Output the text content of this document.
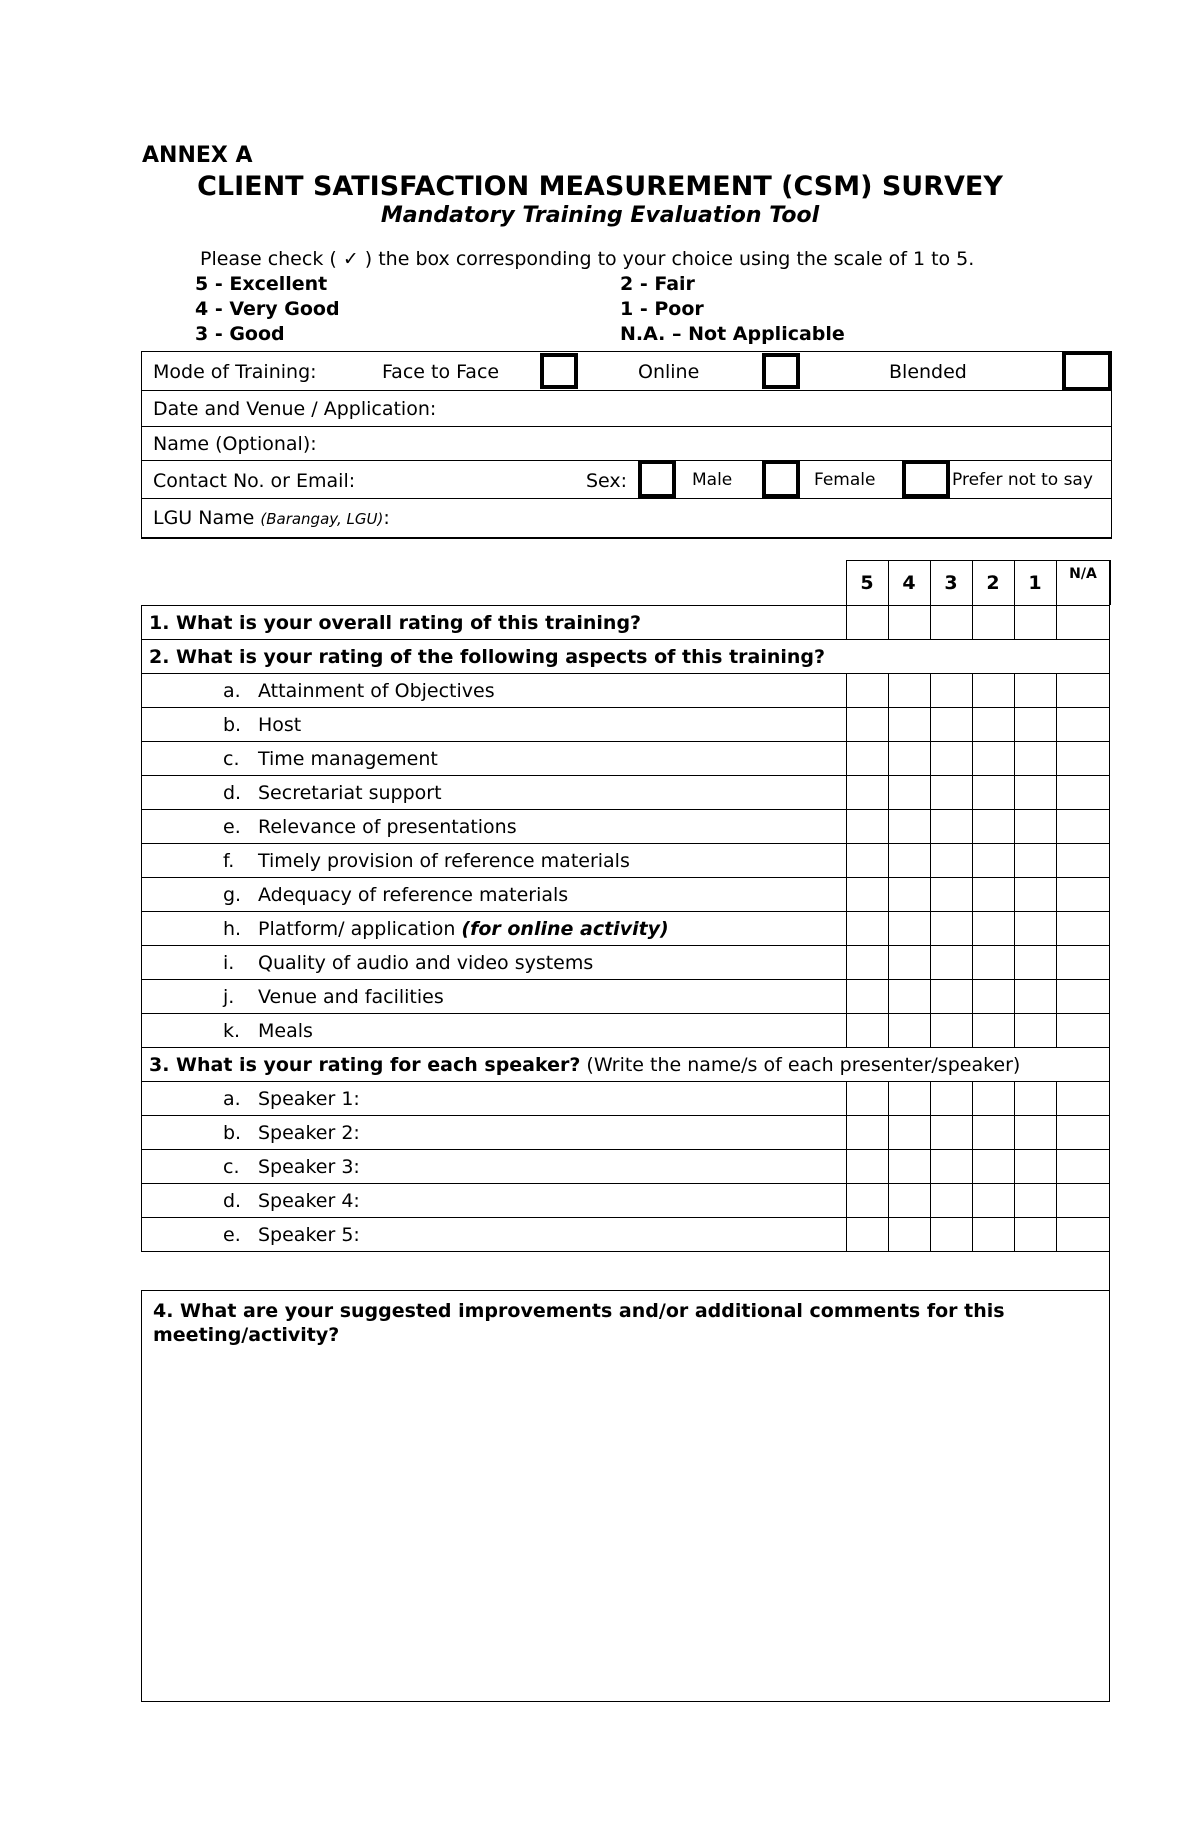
ANNEX A
CLIENT SATISFACTION MEASUREMENT (CSM) SURVEY
Mandatory Training Evaluation Tool
Please check ( ✓ ) the box corresponding to your choice using the scale of 1 to 5.
5 - Excellent
4 - Very Good
3 - Good
2 - Fair
1 - Poor
N.A. – Not Applicable
Mode of Training:	Face to Face	Online	Blended
Date and Venue / Application:
Name (Optional):
Contact No. or Email:	Sex:	Male	Female	Prefer not to say
LGU Name (Barangay, LGU):
5	4	3	2	1	N/A
1. What is your overall rating of this training?
2. What is your rating of the following aspects of this training?
a. Attainment of Objectives
b. Host
c. Time management
d. Secretariat support
e. Relevance of presentations
f.	Timely provision of reference materials
g. Adequacy of reference materials
h. Platform/ application (for online activity)
i.	Quality of audio and video systems
j.	Venue and facilities
k. Meals
3. What is your rating for each speaker? (Write the name/s of each presenter/speaker)
a. Speaker 1:
b. Speaker 2:
c. Speaker 3:
d. Speaker 4:
e. Speaker 5:
4. What are your suggested improvements and/or additional comments for this meeting/activity?
